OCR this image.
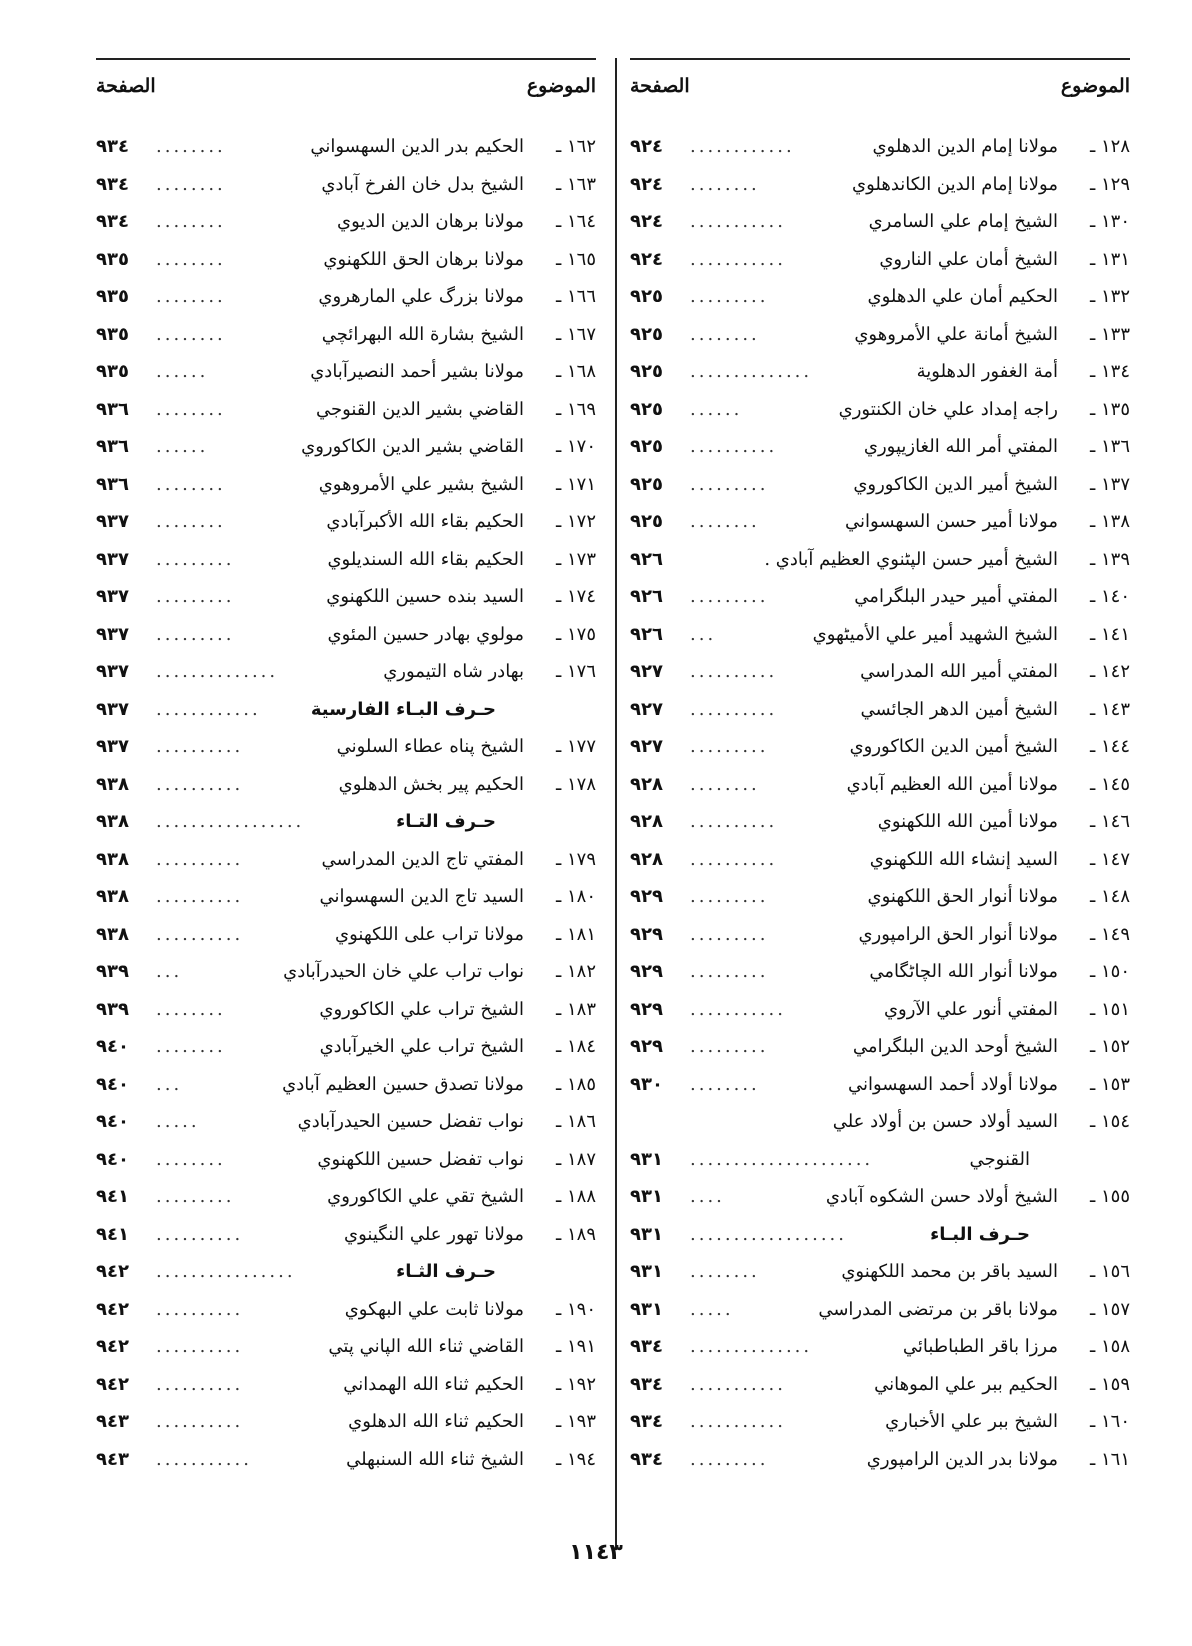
الموضوع
الصفحة
الموضوع
الصفحة
١٢٨ ـ
مولانا إمام الدين الدهلوي
............
٩٢٤
١٢٩ ـ
مولانا إمام الدين الكاندهلوي
........
٩٢٤
١٣٠ ـ
الشيخ إمام علي السامري
...........
٩٢٤
١٣١ ـ
الشيخ أمان علي الناروي
...........
٩٢٤
١٣٢ ـ
الحكيم أمان علي الدهلوي
.........
٩٢٥
١٣٣ ـ
الشيخ أمانة علي الأمروهوي
........
٩٢٥
١٣٤ ـ
أمة الغفور الدهلوية
..............
٩٢٥
١٣٥ ـ
راجه إمداد علي خان الكنتوري
......
٩٢٥
١٣٦ ـ
المفتي أمر الله الغازيپوري
..........
٩٢٥
١٣٧ ـ
الشيخ أمير الدين الكاكوروي
.........
٩٢٥
١٣٨ ـ
مولانا أمير حسن السهسواني
........
٩٢٥
١٣٩ ـ
الشيخ أمير حسن الپٹنوي العظيم آبادي .
٩٢٦
١٤٠ ـ
المفتي أمير حيدر البلگرامي
.........
٩٢٦
١٤١ ـ
الشيخ الشهيد أمير علي الأميٹهوي
...
٩٢٦
١٤٢ ـ
المفتي أمير الله المدراسي
..........
٩٢٧
١٤٣ ـ
الشيخ أمين الدهر الجائسي
..........
٩٢٧
١٤٤ ـ
الشيخ أمين الدين الكاكوروي
.........
٩٢٧
١٤٥ ـ
مولانا أمين الله العظيم آبادي
........
٩٢٨
١٤٦ ـ
مولانا أمين الله اللكهنوي
..........
٩٢٨
١٤٧ ـ
السيد إنشاء الله اللكهنوي
..........
٩٢٨
١٤٨ ـ
مولانا أنوار الحق اللكهنوي
.........
٩٢٩
١٤٩ ـ
مولانا أنوار الحق الرامپوري
.........
٩٢٩
١٥٠ ـ
مولانا أنوار الله الچاٹگامي
.........
٩٢٩
١٥١ ـ
المفتي أنور علي الآروي
...........
٩٢٩
١٥٢ ـ
الشيخ أوحد الدين البلگرامي
.........
٩٢٩
١٥٣ ـ
مولانا أولاد أحمد السهسواني
........
٩٣٠
١٥٤ ـ
السيد أولاد حسن بن أولاد علي
القنوجي
.....................
٩٣١
١٥٥ ـ
الشيخ أولاد حسن الشكوه آبادي
....
٩٣١
حـرف البـاء
..................
٩٣١
١٥٦ ـ
السيد باقر بن محمد اللكهنوي
........
٩٣١
١٥٧ ـ
مولانا باقر بن مرتضى المدراسي
.....
٩٣١
١٥٨ ـ
مرزا باقر الطباطبائي
..............
٩٣٤
١٥٩ ـ
الحكيم ببر علي الموهاني
...........
٩٣٤
١٦٠ ـ
الشيخ ببر علي الأخباري
...........
٩٣٤
١٦١ ـ
مولانا بدر الدين الرامپوري
.........
٩٣٤
١٦٢ ـ
الحكيم بدر الدين السهسواني
........
٩٣٤
١٦٣ ـ
الشيخ بدل خان الفرخ آبادي
........
٩٣٤
١٦٤ ـ
مولانا برهان الدين الديوي
........
٩٣٤
١٦٥ ـ
مولانا برهان الحق اللكهنوي
........
٩٣٥
١٦٦ ـ
مولانا بزرگ علي المارهروي
........
٩٣٥
١٦٧ ـ
الشيخ بشارة الله البهرائچي
........
٩٣٥
١٦٨ ـ
مولانا بشير أحمد النصيرآبادي
......
٩٣٥
١٦٩ ـ
القاضي بشير الدين القنوجي
........
٩٣٦
١٧٠ ـ
القاضي بشير الدين الكاكوروي
......
٩٣٦
١٧١ ـ
الشيخ بشير علي الأمروهوي
........
٩٣٦
١٧٢ ـ
الحكيم بقاء الله الأكبرآبادي
........
٩٣٧
١٧٣ ـ
الحكيم بقاء الله السنديلوي
.........
٩٣٧
١٧٤ ـ
السيد بنده حسين اللكهنوي
.........
٩٣٧
١٧٥ ـ
مولوي بهادر حسين المئوي
.........
٩٣٧
١٧٦ ـ
بهادر شاه التيموري
..............
٩٣٧
حـرف البـاء الفارسية
............
٩٣٧
١٧٧ ـ
الشيخ پناه عطاء السلوني
..........
٩٣٧
١٧٨ ـ
الحكيم پير بخش الدهلوي
..........
٩٣٨
حـرف التـاء
.................
٩٣٨
١٧٩ ـ
المفتي تاج الدين المدراسي
..........
٩٣٨
١٨٠ ـ
السيد تاج الدين السهسواني
..........
٩٣٨
١٨١ ـ
مولانا تراب على اللكهنوي
..........
٩٣٨
١٨٢ ـ
نواب تراب علي خان الحيدرآبادي
...
٩٣٩
١٨٣ ـ
الشيخ تراب علي الكاكوروي
........
٩٣٩
١٨٤ ـ
الشيخ تراب علي الخيرآبادي
........
٩٤٠
١٨٥ ـ
مولانا تصدق حسين العظيم آبادي
...
٩٤٠
١٨٦ ـ
نواب تفضل حسين الحيدرآبادي
.....
٩٤٠
١٨٧ ـ
نواب تفضل حسين اللكهنوي
........
٩٤٠
١٨٨ ـ
الشيخ تقي علي الكاكوروي
.........
٩٤١
١٨٩ ـ
مولانا تهور علي النگينوي
..........
٩٤١
حـرف الثـاء
................
٩٤٢
١٩٠ ـ
مولانا ثابت علي البهكوي
..........
٩٤٢
١٩١ ـ
القاضي ثناء الله الپاني پتي
..........
٩٤٢
١٩٢ ـ
الحكيم ثناء الله الهمداني
..........
٩٤٢
١٩٣ ـ
الحكيم ثناء الله الدهلوي
..........
٩٤٣
١٩٤ ـ
الشيخ ثناء الله السنبهلي
...........
٩٤٣
١١٤٣
